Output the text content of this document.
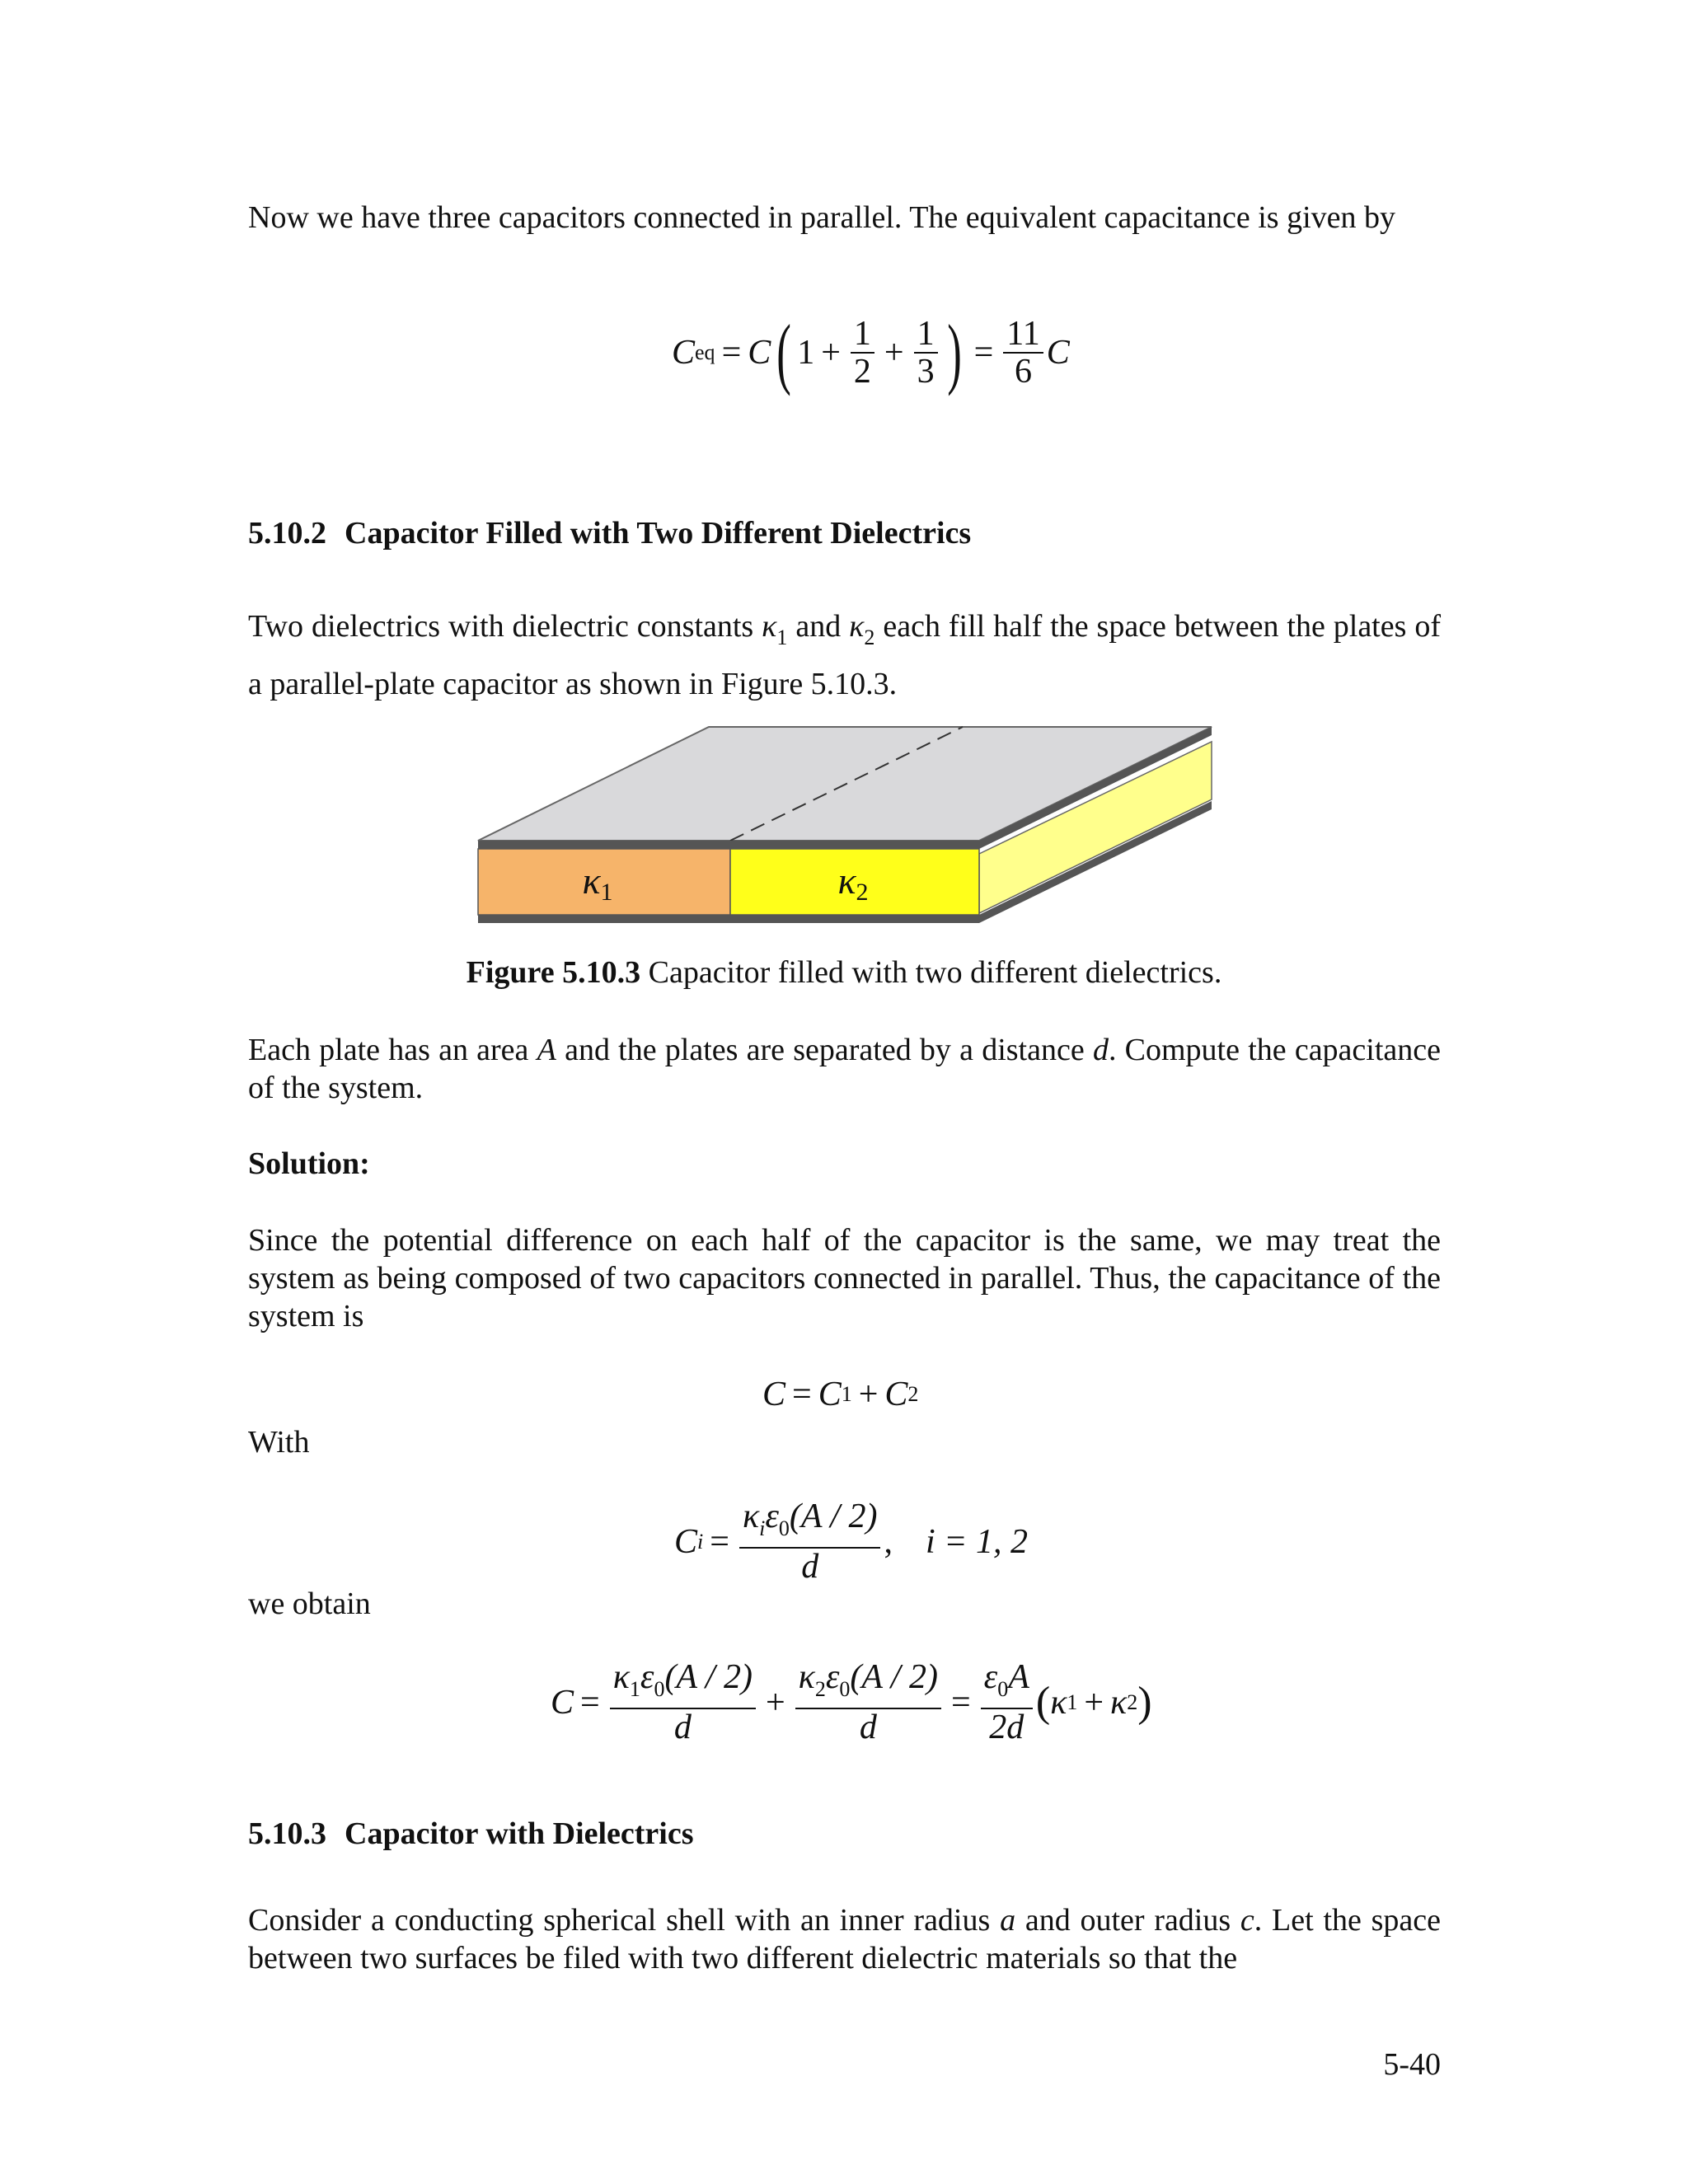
Now we have three capacitors connected in parallel. The equivalent capacitance is given by
C eq = C ( $1 + \frac{1}{2} + \frac{1}{3}$ ) = $\frac{11}{6}$ C
5.10.2 Capacitor Filled with Two Different Dielectrics
Two dielectrics with dielectric constants $\kappa_1$ and $\kappa_2$ each fill half the space between the plates of a parallel-plate capacitor as shown in Figure 5.10.3.
κ1	κ2
Figure 5.10.3 Capacitor filled with two different dielectrics.
Each plate has an area A and the plates are separated by a distance d. Compute the capacitance of the system.
Solution:
Since the potential difference on each half of the capacitor is the same, we may treat the system as being composed of two capacitors connected in parallel. Thus, the capacitance of the system is
C = C 1 + C 2
With
C $i = \frac{\kappa_i\varepsilon_0(A / 2)}{d}$ , i = 1, 2
we obtain
$C = \frac{\kappa_1\varepsilon_0(A / 2)}{d} + \frac{\kappa_2\varepsilon_0(A / 2)}{d} = \frac{\varepsilon_0A}{2d}$ ( κ 1 + κ 2 )
5.10.3 Capacitor with Dielectrics
Consider a conducting spherical shell with an inner radius a and outer radius c. Let the space between two surfaces be filed with two different dielectric materials so that the
5-40
